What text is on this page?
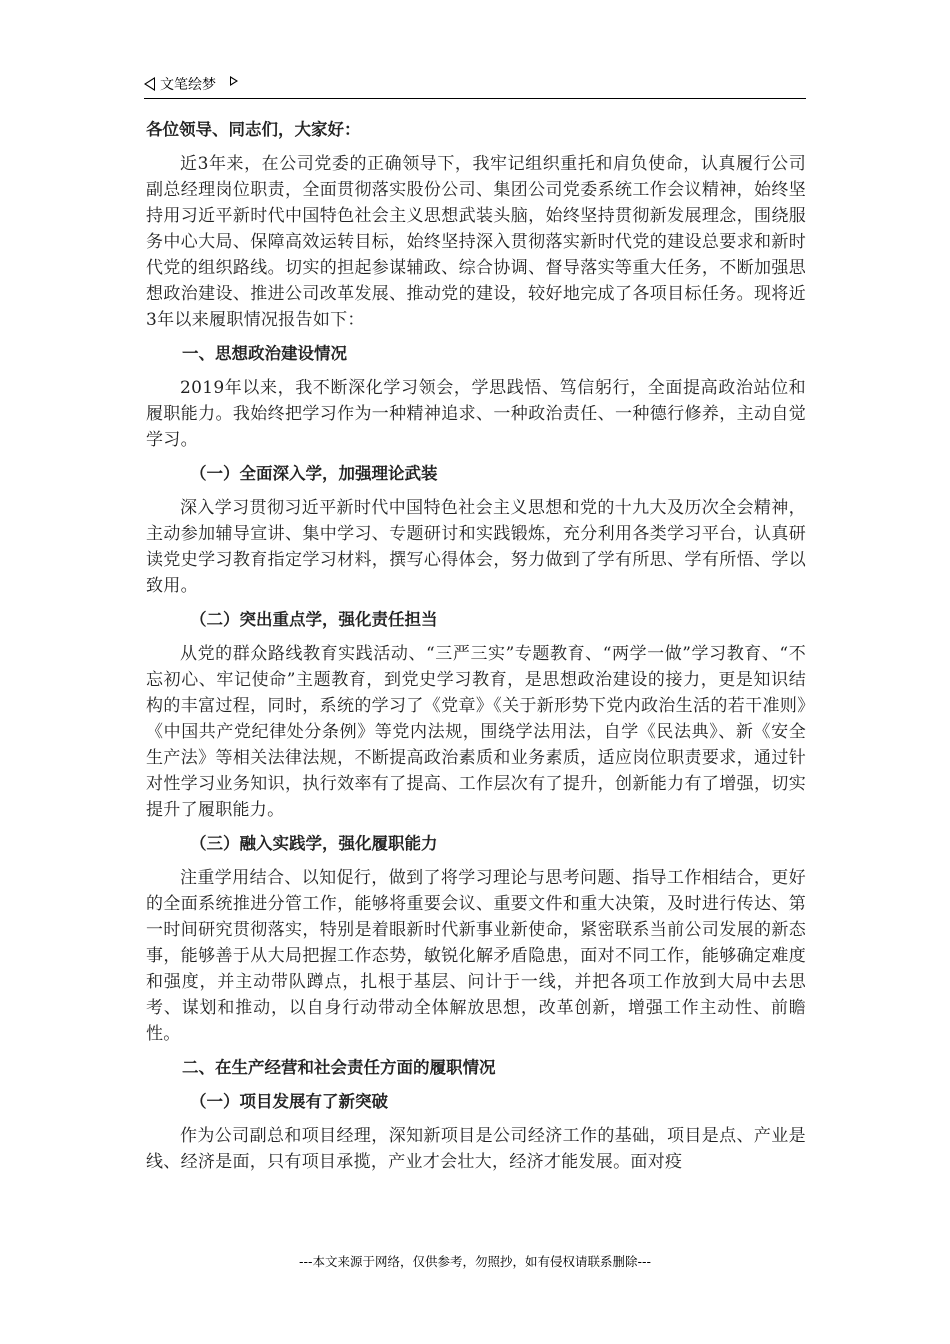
文笔绘梦

各位领导、同志们，大家好：

近3年来，在公司党委的正确领导下，我牢记组织重托和肩负使命，认真履行公司副总经理岗位职责，全面贯彻落实股份公司、集团公司党委系统工作会议精神，始终坚持用习近平新时代中国特色社会主义思想武装头脑，始终坚持贯彻新发展理念，围绕服务中心大局、保障高效运转目标，始终坚持深入贯彻落实新时代党的建设总要求和新时代党的组织路线。切实的担起参谋辅政、综合协调、督导落实等重大任务，不断加强思想政治建设、推进公司改革发展、推动党的建设，较好地完成了各项目标任务。现将近3年以来履职情况报告如下：

一、思想政治建设情况

2019年以来，我不断深化学习领会，学思践悟、笃信躬行，全面提高政治站位和履职能力。我始终把学习作为一种精神追求、一种政治责任、一种德行修养，主动自觉学习。

（一）全面深入学，加强理论武装

深入学习贯彻习近平新时代中国特色社会主义思想和党的十九大及历次全会精神，主动参加辅导宣讲、集中学习、专题研讨和实践锻炼，充分利用各类学习平台，认真研读党史学习教育指定学习材料，撰写心得体会，努力做到了学有所思、学有所悟、学以致用。

（二）突出重点学，强化责任担当

从党的群众路线教育实践活动、“三严三实”专题教育、“两学一做”学习教育、“不忘初心、牢记使命”主题教育，到党史学习教育，是思想政治建设的接力，更是知识结构的丰富过程，同时，系统的学习了《党章》《关于新形势下党内政治生活的若干准则》《中国共产党纪律处分条例》等党内法规，围绕学法用法，自学《民法典》、新《安全生产法》等相关法律法规，不断提高政治素质和业务素质，适应岗位职责要求，通过针对性学习业务知识，执行效率有了提高、工作层次有了提升，创新能力有了增强，切实提升了履职能力。

（三）融入实践学，强化履职能力

注重学用结合、以知促行，做到了将学习理论与思考问题、指导工作相结合，更好的全面系统推进分管工作，能够将重要会议、重要文件和重大决策，及时进行传达、第一时间研究贯彻落实，特别是着眼新时代新事业新使命，紧密联系当前公司发展的新态事，能够善于从大局把握工作态势，敏锐化解矛盾隐患，面对不同工作，能够确定难度和强度，并主动带队蹲点，扎根于基层、问计于一线，并把各项工作放到大局中去思考、谋划和推动，以自身行动带动全体解放思想，改革创新，增强工作主动性、前瞻性。

二、在生产经营和社会责任方面的履职情况

（一）项目发展有了新突破

作为公司副总和项目经理，深知新项目是公司经济工作的基础，项目是点、产业是线、经济是面，只有项目承揽，产业才会壮大，经济才能发展。面对疫

---本文来源于网络，仅供参考，勿照抄，如有侵权请联系删除---
